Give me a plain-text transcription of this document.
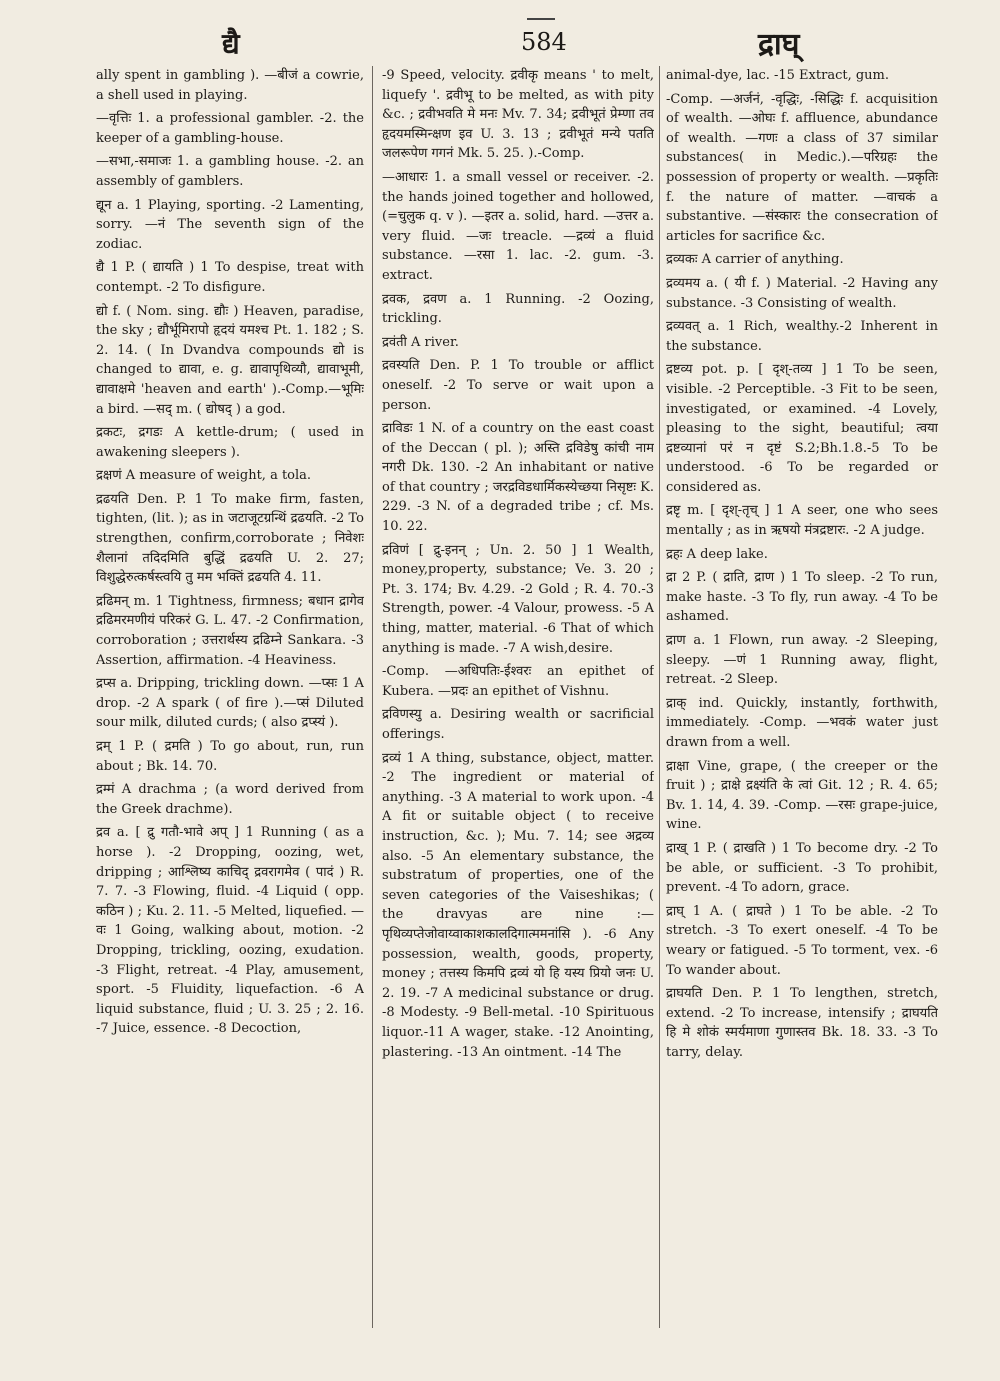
द्यै	584	द्राघ्

ally spent in gambling ). —बीजं a cowrie, a shell used in playing.

—वृत्तिः 1. a professional gambler. -2. the keeper of a gambling-house.

—सभा,-समाजः 1. a gambling house. -2. an assembly of gamblers.

द्यून a. 1 Playing, sporting. -2 Lamenting, sorry. —नं The seventh sign of the zodiac.

द्यै 1 P. ( द्यायति ) 1 To despise, treat with contempt. -2 To disfigure.

द्यो f. ( Nom. sing. द्यौः ) Heaven, paradise, the sky ; द्यौर्भूमिरापो हृदयं यमश्च Pt. 1. 182 ; S. 2. 14. ( In Dvandva compounds द्यो is changed to द्यावा, e. g. द्यावापृथिव्यौ, द्यावाभूमी, द्यावाक्षमे 'heaven and earth' ).-Comp.—भूमिः a bird. —सद् m. ( द्योषद् ) a god.

द्रकटः, द्रगडः A kettle-drum; ( used in awakening sleepers ).

द्रक्षणं A measure of weight, a tola.

द्रढयति Den. P. 1 To make firm, fasten, tighten, (lit. ); as in जटाजूटग्रन्थिं द्रढयति. -2 To strengthen, confirm,corroborate ; निवेशः शैलानां तदिदमिति बुद्धिं द्रढयति U. 2. 27; विशुद्धेरुत्कर्षस्त्वयि तु मम भक्तिं द्रढयति 4. 11.

द्रढिमन् m. 1 Tightness, firmness; बधान द्रागेव द्रढिमरमणीयं परिकरं G. L. 47. -2 Confirmation, corroboration ; उत्तरार्थस्य द्रढिम्ने Sankara. -3 Assertion, affirmation. -4 Heaviness.

द्रप्स a. Dripping, trickling down. —प्सः 1 A drop. -2 A spark ( of fire ).—प्सं Diluted sour milk, diluted curds; ( also द्रप्स्यं ).

द्रम् 1 P. ( द्रमति ) To go about, run, run about ; Bk. 14. 70.

द्रम्मं A drachma ; (a word derived from the Greek drachme).

द्रव a. [ द्रु गतौ-भावे अप् ] 1 Running ( as a horse ). -2 Dropping, oozing, wet, dripping ; आश्लिष्य काचिद् द्रवरागमेव ( पादं ) R. 7. 7. -3 Flowing, fluid. -4 Liquid ( opp. कठिन ) ; Ku. 2. 11. -5 Melted, liquefied. —वः 1 Going, walking about, motion. -2 Dropping, trickling, oozing, exudation. -3 Flight, retreat. -4 Play, amusement, sport. -5 Fluidity, liquefaction. -6 A liquid substance, fluid ; U. 3. 25 ; 2. 16. -7 Juice, essence. -8 Decoction,

-9 Speed, velocity. द्रवीकृ means ' to melt, liquefy '. द्रवीभू to be melted, as with pity &c. ; द्रवीभवति मे मनः Mv. 7. 34; द्रवीभूतं प्रेम्णा तव हृदयमस्मिन्क्षण इव U. 3. 13 ; द्रवीभूतं मन्ये पतति जलरूपेण गगनं Mk. 5. 25. ).-Comp.

—आधारः 1. a small vessel or receiver. -2. the hands joined together and hollowed, (=चुलुक q. v ). —इतर a. solid, hard. —उत्तर a. very fluid. —जः treacle. —द्रव्यं a fluid substance. —रसा 1. lac. -2. gum. -3. extract.

द्रवक, द्रवण a. 1 Running. -2 Oozing, trickling.

द्रवंती A river.

द्रवस्यति Den. P. 1 To trouble or afflict oneself. -2 To serve or wait upon a person.

द्राविडः 1 N. of a country on the east coast of the Deccan ( pl. ); अस्ति द्रविडेषु कांची नाम नगरी Dk. 130. -2 An inhabitant or native of that country ; जरद्रविडधार्मिकस्येच्छया निसृष्टः K. 229. -3 N. of a degraded tribe ; cf. Ms. 10. 22.

द्रविणं [ द्रु-इनन् ; Un. 2. 50 ] 1 Wealth, money,property, substance; Ve. 3. 20 ; Pt. 3. 174; Bv. 4.29. -2 Gold ; R. 4. 70.-3 Strength, power. -4 Valour, prowess. -5 A thing, matter, material. -6 That of which anything is made. -7 A wish,desire.

-Comp. —अधिपतिः-ईश्वरः an epithet of Kubera. —प्रदः an epithet of Vishnu.

द्रविणस्यु a. Desiring wealth or sacrificial offerings.

द्रव्यं 1 A thing, substance, object, matter. -2 The ingredient or material of anything. -3 A material to work upon. -4 A fit or suitable object ( to receive instruction, &c. ); Mu. 7. 14; see अद्रव्य also. -5 An elementary substance, the substratum of properties, one of the seven categories of the Vaiseshikas; ( the dravyas are nine :—पृथिव्यप्तेजोवाय्वाकाशकालदिगात्ममनांसि ). -6 Any possession, wealth, goods, property, money ; तत्तस्य किमपि द्रव्यं यो हि यस्य प्रियो जनः U. 2. 19. -7 A medicinal substance or drug. -8 Modesty. -9 Bell-metal. -10 Spirituous liquor.-11 A wager, stake. -12 Anointing, plastering. -13 An ointment. -14 The

animal-dye, lac. -15 Extract, gum.

-Comp. —अर्जनं, -वृद्धिः, -सिद्धिः f. acquisition of wealth. —ओघः f. affluence, abundance of wealth. —गणः a class of 37 similar substances( in Medic.).—परिग्रहः the possession of property or wealth. —प्रकृतिः f. the nature of matter. —वाचकं a substantive. —संस्कारः the consecration of articles for sacrifice &c.

द्रव्यकः A carrier of anything.

द्रव्यमय a. ( यी f. ) Material. -2 Having any substance. -3 Consisting of wealth.

द्रव्यवत् a. 1 Rich, wealthy.-2 Inherent in the substance.

द्रष्टव्य pot. p. [ दृश्-तव्य ] 1 To be seen, visible. -2 Perceptible. -3 Fit to be seen, investigated, or examined. -4 Lovely, pleasing to the sight, beautiful; त्वया द्रष्टव्यानां परं न दृष्टं S.2;Bh.1.8.-5 To be understood. -6 To be regarded or considered as.

द्रष्टृ m. [ दृश्-तृच् ] 1 A seer, one who sees mentally ; as in ऋषयो मंत्रद्रष्टारः. -2 A judge.

द्रहः A deep lake.

द्रा 2 P. ( द्राति, द्राण ) 1 To sleep. -2 To run, make haste. -3 To fly, run away. -4 To be ashamed.

द्राण a. 1 Flown, run away. -2 Sleeping, sleepy. —णं 1 Running away, flight, retreat. -2 Sleep.

द्राक् ind. Quickly, instantly, forthwith, immediately. -Comp. —भवकं water just drawn from a well.

द्राक्षा Vine, grape, ( the creeper or the fruit ) ; द्राक्षे द्रक्ष्यंति के त्वां Git. 12 ; R. 4. 65; Bv. 1. 14, 4. 39. -Comp. —रसः grape-juice, wine.

द्राख् 1 P. ( द्राखति ) 1 To become dry. -2 To be able, or sufficient. -3 To prohibit, prevent. -4 To adorn, grace.

द्राघ् 1 A. ( द्राघते ) 1 To be able. -2 To stretch. -3 To exert oneself. -4 To be weary or fatigued. -5 To torment, vex. -6 To wander about.

द्राघयति Den. P. 1 To lengthen, stretch, extend. -2 To increase, intensify ; द्राघयति हि मे शोकं स्मर्यमाणा गुणास्तव Bk. 18. 33. -3 To tarry, delay.
